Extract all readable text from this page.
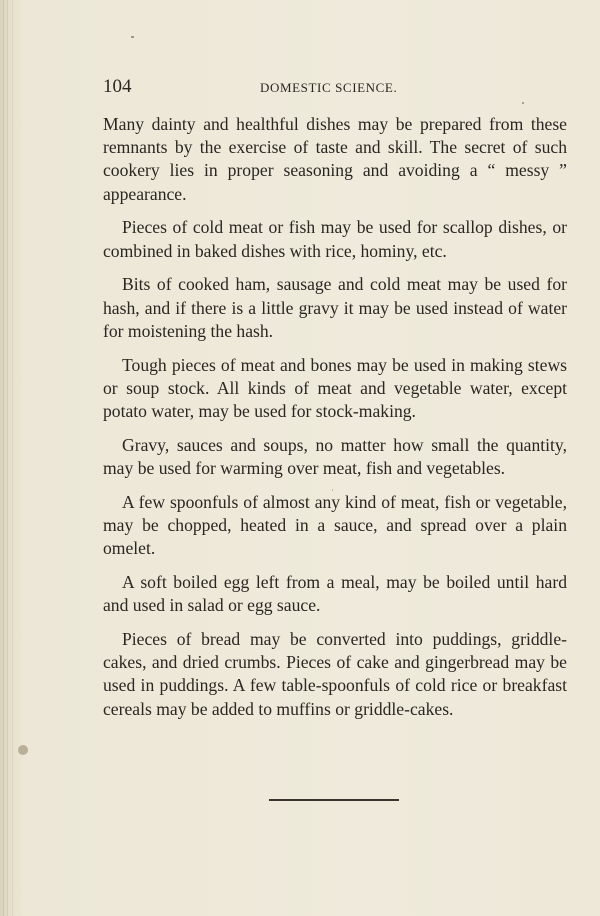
104	DOMESTIC SCIENCE.

Many dainty and healthful dishes may be prepared from these remnants by the exercise of taste and skill. The secret of such cookery lies in proper seasoning and avoiding a “ messy ” appearance.

Pieces of cold meat or fish may be used for scallop dishes, or combined in baked dishes with rice, hominy, etc.

Bits of cooked ham, sausage and cold meat may be used for hash, and if there is a little gravy it may be used instead of water for moistening the hash.

Tough pieces of meat and bones may be used in making stews or soup stock. All kinds of meat and vegetable water, except potato water, may be used for stock-making.

Gravy, sauces and soups, no matter how small the quantity, may be used for warming over meat, fish and vegetables.

A few spoonfuls of almost any kind of meat, fish or vegetable, may be chopped, heated in a sauce, and spread over a plain omelet.

A soft boiled egg left from a meal, may be boiled until hard and used in salad or egg sauce.

Pieces of bread may be converted into puddings, griddle-cakes, and dried crumbs. Pieces of cake and gingerbread may be used in puddings. A few table-spoonfuls of cold rice or breakfast cereals may be added to muffins or griddle-cakes.
